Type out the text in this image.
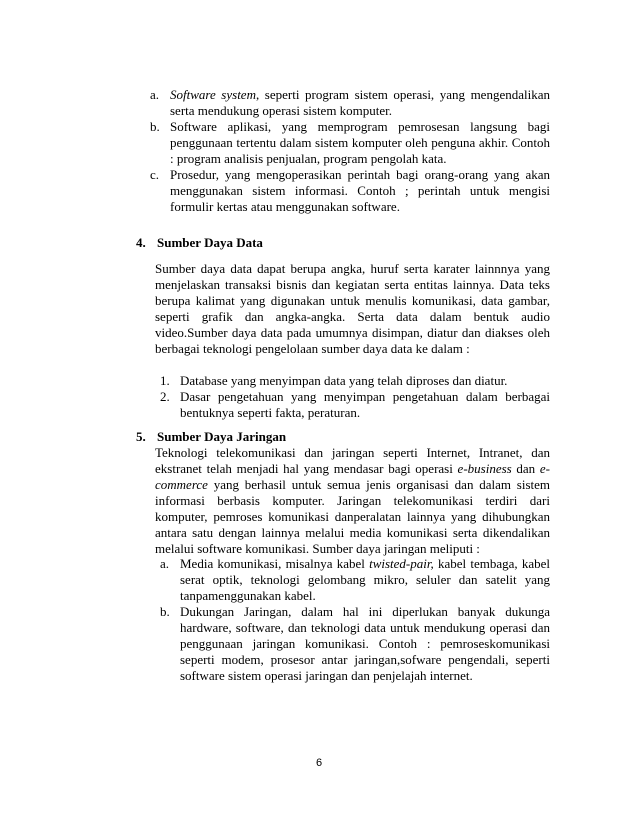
a. Software system, seperti program sistem operasi, yang mengendalikan serta mendukung operasi sistem komputer.
b. Software aplikasi, yang memprogram pemrosesan langsung bagi penggunaan tertentu dalam sistem komputer oleh penguna akhir. Contoh : program analisis penjualan, program pengolah kata.
c. Prosedur, yang mengoperasikan perintah bagi orang-orang yang akan menggunakan sistem informasi. Contoh ; perintah untuk mengisi formulir kertas atau menggunakan software.
4. Sumber Daya Data
Sumber daya data dapat berupa angka, huruf serta karater lainnnya yang menjelaskan transaksi bisnis dan kegiatan serta entitas lainnya. Data teks berupa kalimat yang digunakan untuk menulis komunikasi, data gambar, seperti grafik dan angka-angka. Serta data dalam bentuk audio video.Sumber daya data pada umumnya disimpan, diatur dan diakses oleh berbagai teknologi pengelolaan sumber daya data ke dalam :
1. Database yang menyimpan data yang telah diproses dan diatur.
2. Dasar pengetahuan yang menyimpan pengetahuan dalam berbagai bentuknya seperti fakta, peraturan.
5. Sumber Daya Jaringan
Teknologi telekomunikasi dan jaringan seperti Internet, Intranet, dan ekstranet telah menjadi hal yang mendasar bagi operasi e-business dan e-commerce yang berhasil untuk semua jenis organisasi dan dalam sistem informasi berbasis komputer. Jaringan telekomunikasi terdiri dari komputer, pemroses komunikasi danperalatan lainnya yang dihubungkan antara satu dengan lainnya melalui media komunikasi serta dikendalikan melalui software komunikasi. Sumber daya jaringan meliputi :
a. Media komunikasi, misalnya kabel twisted-pair, kabel tembaga, kabel serat optik, teknologi gelombang mikro, seluler dan satelit yang tanpamenggunakan kabel.
b. Dukungan Jaringan, dalam hal ini diperlukan banyak dukunga hardware, software, dan teknologi data untuk mendukung operasi dan penggunaan jaringan komunikasi. Contoh : pemroseskomunikasi seperti modem, prosesor antar jaringan,sofware pengendali, seperti software sistem operasi jaringan dan penjelajah internet.
6
